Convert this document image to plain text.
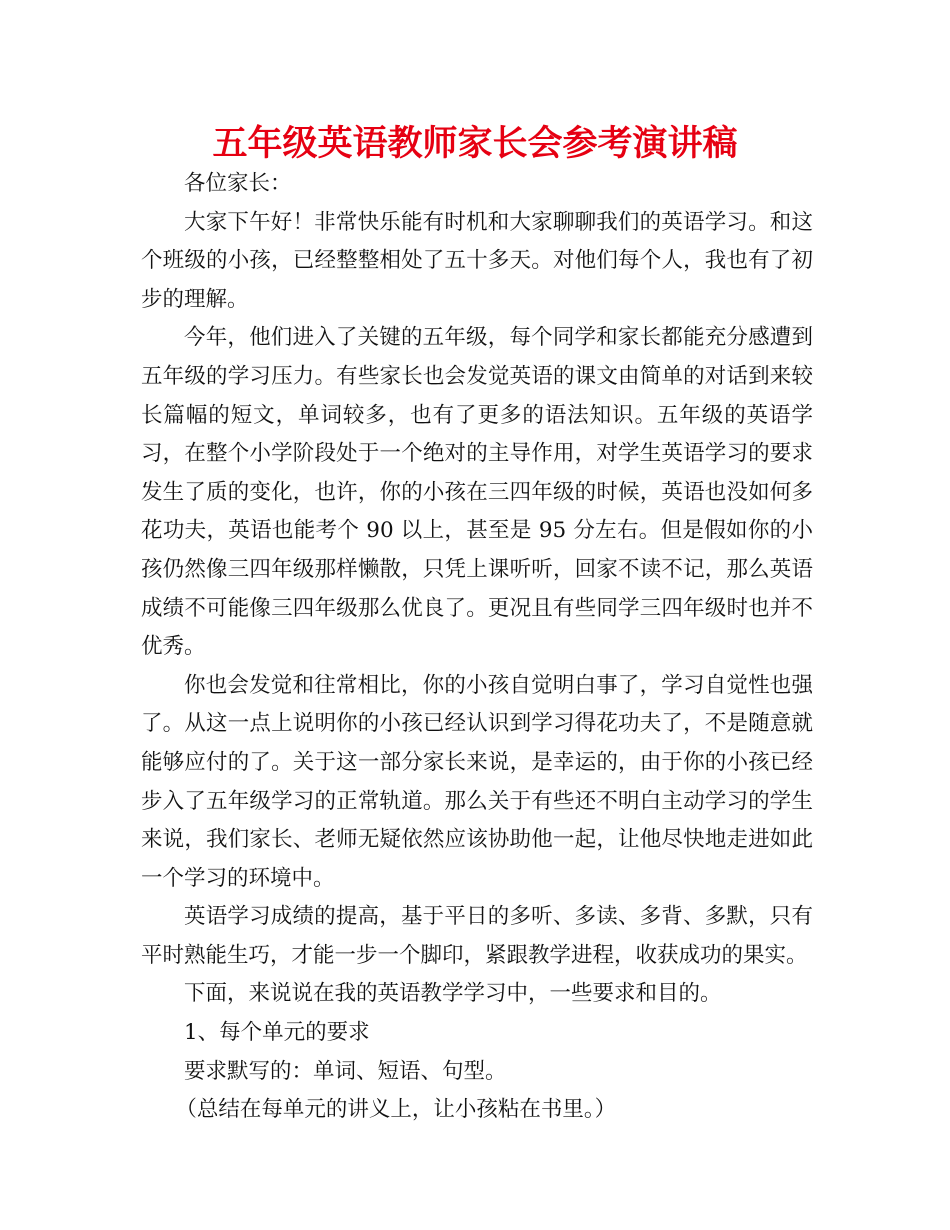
五年级英语教师家长会参考演讲稿

各位家长：

大家下午好！非常快乐能有时机和大家聊聊我们的英语学习。和这个班级的小孩，已经整整相处了五十多天。对他们每个人，我也有了初步的理解。

今年，他们进入了关键的五年级，每个同学和家长都能充分感遭到五年级的学习压力。有些家长也会发觉英语的课文由简单的对话到来较长篇幅的短文，单词较多，也有了更多的语法知识。五年级的英语学习，在整个小学阶段处于一个绝对的主导作用，对学生英语学习的要求发生了质的变化，也许，你的小孩在三四年级的时候，英语也没如何多花功夫，英语也能考个 90 以上，甚至是 95 分左右。但是假如你的小孩仍然像三四年级那样懒散，只凭上课听听，回家不读不记，那么英语成绩不可能像三四年级那么优良了。更况且有些同学三四年级时也并不优秀。

你也会发觉和往常相比，你的小孩自觉明白事了，学习自觉性也强了。从这一点上说明你的小孩已经认识到学习得花功夫了，不是随意就能够应付的了。关于这一部分家长来说，是幸运的，由于你的小孩已经步入了五年级学习的正常轨道。那么关于有些还不明白主动学习的学生来说，我们家长、老师无疑依然应该协助他一起，让他尽快地走进如此一个学习的环境中。

英语学习成绩的提高，基于平日的多听、多读、多背、多默，只有平时熟能生巧，才能一步一个脚印，紧跟教学进程，收获成功的果实。

下面，来说说在我的英语教学学习中，一些要求和目的。

1、每个单元的要求

要求默写的：单词、短语、句型。

（总结在每单元的讲义上，让小孩粘在书里。）
